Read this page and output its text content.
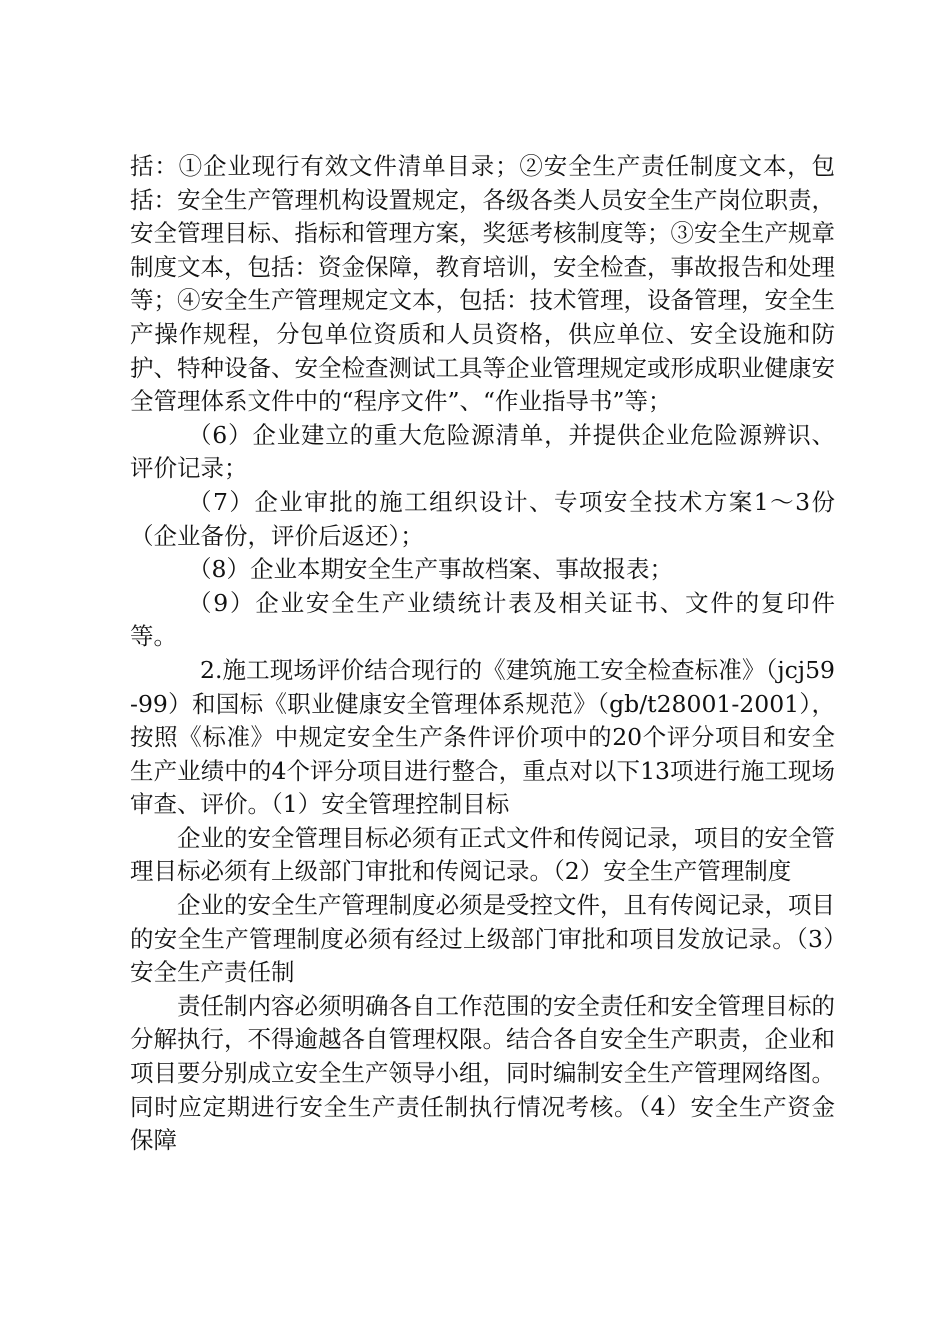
括：①企业现行有效文件清单目录；②安全生产责任制度文本，包括：安全生产管理机构设置规定，各级各类人员安全生产岗位职责，安全管理目标、指标和管理方案，奖惩考核制度等；③安全生产规章制度文本，包括：资金保障，教育培训，安全检查，事故报告和处理等；④安全生产管理规定文本，包括：技术管理，设备管理，安全生产操作规程，分包单位资质和人员资格，供应单位、安全设施和防护、特种设备、安全检查测试工具等企业管理规定或形成职业健康安全管理体系文件中的“程序文件”、“作业指导书”等；

（6）企业建立的重大危险源清单，并提供企业危险源辨识、评价记录；

（7）企业审批的施工组织设计、专项安全技术方案1～3份（企业备份，评价后返还）；

（8）企业本期安全生产事故档案、事故报表；

（9）企业安全生产业绩统计表及相关证书、文件的复印件等。

2.施工现场评价结合现行的《建筑施工安全检查标准》（jcj59-99）和国标《职业健康安全管理体系规范》（gb/t28001-2001），按照《标准》中规定安全生产条件评价项中的20个评分项目和安全生产业绩中的4个评分项目进行整合，重点对以下13项进行施工现场审查、评价。（1）安全管理控制目标

企业的安全管理目标必须有正式文件和传阅记录，项目的安全管理目标必须有上级部门审批和传阅记录。（2）安全生产管理制度

企业的安全生产管理制度必须是受控文件，且有传阅记录，项目的安全生产管理制度必须有经过上级部门审批和项目发放记录。（3）安全生产责任制

责任制内容必须明确各自工作范围的安全责任和安全管理目标的分解执行，不得逾越各自管理权限。结合各自安全生产职责，企业和项目要分别成立安全生产领导小组，同时编制安全生产管理网络图。同时应定期进行安全生产责任制执行情况考核。（4）安全生产资金保障
